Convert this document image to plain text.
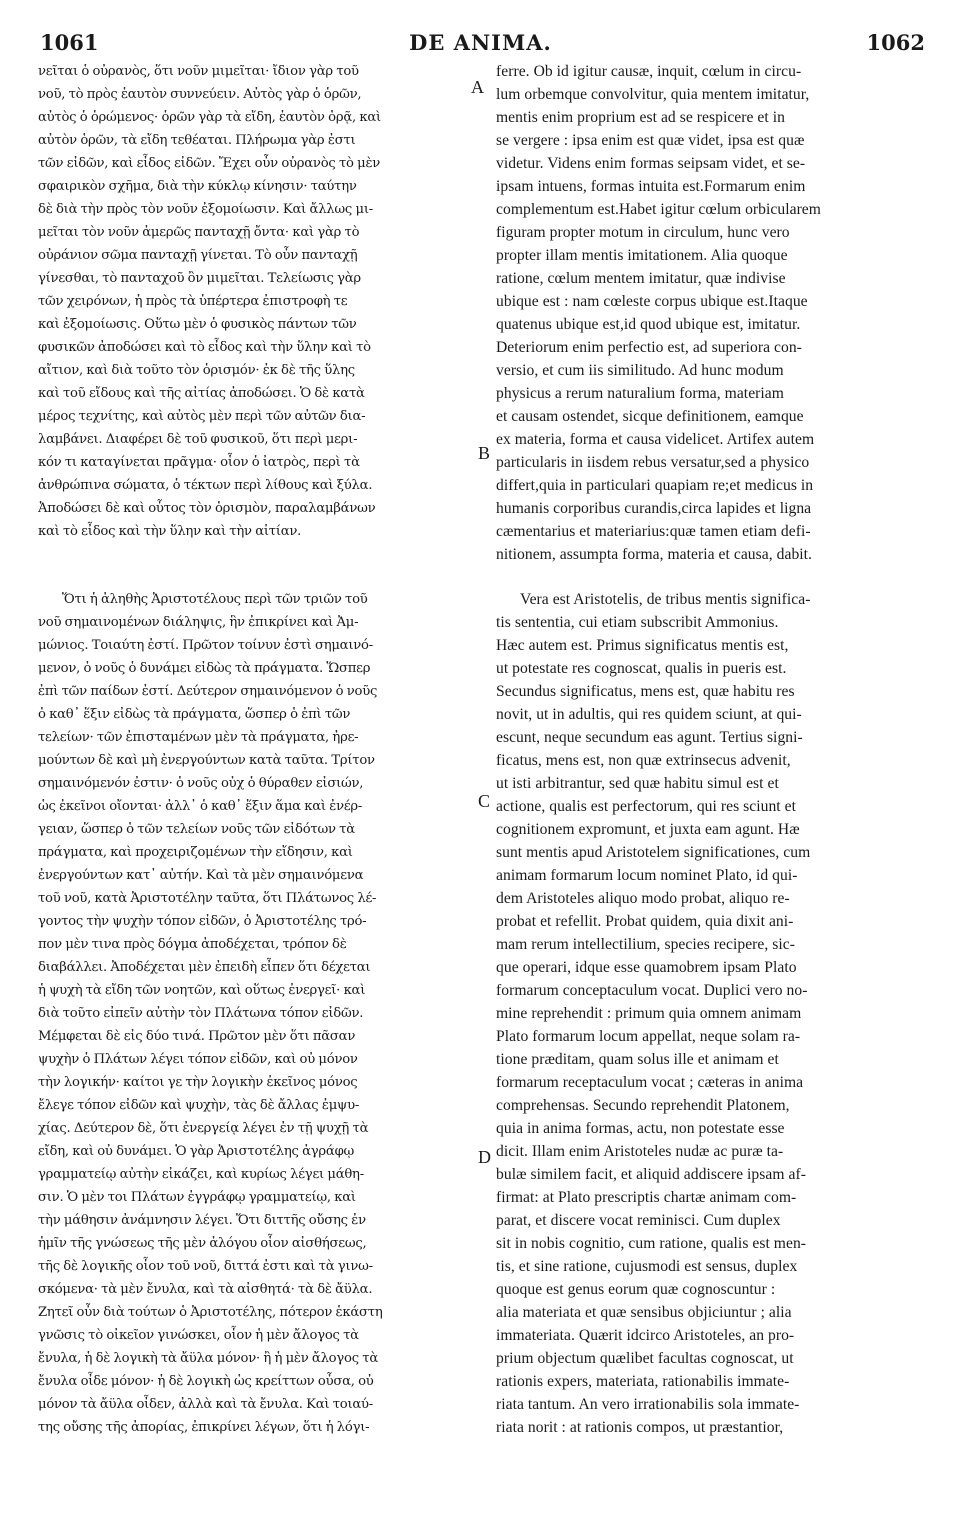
1061	DE ANIMA.	1062
νεῖται ὁ οὐρανὸς, ὅτι νοῦν μιμεῖται· ἴδιον γὰρ τοῦ
νοῦ, τὸ πρὸς ἑαυτὸν συννεύειν. Αὐτὸς γὰρ ὁ ὁρῶν,
αὐτὸς ὁ ὁρώμενος· ὁρῶν γὰρ τὰ εἴδη, ἑαυτὸν ὁρᾷ, καὶ
αὐτὸν ὁρῶν, τὰ εἴδη τεθέαται. Πλήρωμα γὰρ ἐστι
τῶν εἰδῶν, καὶ εἶδος εἰδῶν. Ἔχει οὖν οὐρανὸς τὸ μὲν
σφαιρικὸν σχῆμα, διὰ τὴν κύκλῳ κίνησιν· ταύτην
δὲ διὰ τὴν πρὸς τὸν νοῦν ἐξομοίωσιν. Καὶ ἄλλως μι-
μεῖται τὸν νοῦν ἀμερῶς πανταχῇ ὄντα· καὶ γὰρ τὸ
οὐράνιον σῶμα πανταχῇ γίνεται. Τὸ οὖν πανταχῇ
γίνεσθαι, τὸ πανταχοῦ ὂν μιμεῖται. Τελείωσις γὰρ
τῶν χειρόνων, ἡ πρὸς τὰ ὑπέρτερα ἐπιστροφὴ τε
καὶ ἐξομοίωσις. Οὕτω μὲν ὁ φυσικὸς πάντων τῶν
φυσικῶν ἀποδώσει καὶ τὸ εἶδος καὶ τὴν ὕλην καὶ τὸ
αἴτιον, καὶ διὰ τοῦτο τὸν ὁρισμόν· ἐκ δὲ τῆς ὕλης
καὶ τοῦ εἴδους καὶ τῆς αἰτίας ἀποδώσει. Ὁ δὲ κατὰ
μέρος τεχνίτης, καὶ αὐτὸς μὲν περὶ τῶν αὐτῶν δια-
λαμβάνει. Διαφέρει δὲ τοῦ φυσικοῦ, ὅτι περὶ μερι-
κόν τι καταγίνεται πρᾶγμα· οἷον ὁ ἰατρὸς, περὶ τὰ
ἀνθρώπινα σώματα, ὁ τέκτων περὶ λίθους καὶ ξύλα.
Ἀποδώσει δὲ καὶ οὗτος τὸν ὁρισμὸν, παραλαμβάνων
καὶ τὸ εἶδος καὶ τὴν ὕλην καὶ τὴν αἰτίαν.
Ὅτι ἡ ἀληθὴς Ἀριστοτέλους περὶ τῶν τριῶν τοῦ
νοῦ σημαινομένων διάληψις, ἣν ἐπικρίνει καὶ Ἀμ-
μώνιος. Τοιαύτη ἐστί. Πρῶτον τοίνυν ἐστὶ σημαινό-
μενον, ὁ νοῦς ὁ δυνάμει εἰδὼς τὰ πράγματα. Ὥσπερ
ἐπὶ τῶν παίδων ἐστί. Δεύτερον σημαινόμενον ὁ νοῦς
ὁ καθ᾽ ἕξιν εἰδὼς τὰ πράγματα, ὥσπερ ὁ ἐπὶ τῶν
τελείων· τῶν ἐπισταμένων μὲν τὰ πράγματα, ἠρε-
μούντων δὲ καὶ μὴ ἐνεργούντων κατὰ ταῦτα. Τρίτον
σημαινόμενόν ἐστιν· ὁ νοῦς οὐχ ὁ θύραθεν εἰσιών,
ὡς ἐκεῖνοι οἴονται· ἀλλ᾽ ὁ καθ᾽ ἕξιν ἅμα καὶ ἐνέρ-
γειαν, ὥσπερ ὁ τῶν τελείων νοῦς τῶν εἰδότων τὰ
πράγματα, καὶ προχειριζομένων τὴν εἴδησιν, καὶ
ἐνεργούντων κατ᾽ αὐτήν. Καὶ τὰ μὲν σημαινόμενα
τοῦ νοῦ, κατὰ Ἀριστοτέλην ταῦτα, ὅτι Πλάτωνος λέ-
γοντος τὴν ψυχὴν τόπον εἰδῶν, ὁ Ἀριστοτέλης τρό-
πον μὲν τινα πρὸς δόγμα ἀποδέχεται, τρόπον δὲ
διαβάλλει. Ἀποδέχεται μὲν ἐπειδὴ εἶπεν ὅτι δέχεται
ἡ ψυχὴ τὰ εἴδη τῶν νοητῶν, καὶ οὕτως ἐνεργεῖ· καὶ
διὰ τοῦτο εἰπεῖν αὐτὴν τὸν Πλάτωνα τόπον εἰδῶν.
Μέμφεται δὲ εἰς δύο τινά. Πρῶτον μὲν ὅτι πᾶσαν
ψυχὴν ὁ Πλάτων λέγει τόπον εἰδῶν, καὶ οὐ μόνον
τὴν λογικήν· καίτοι γε τὴν λογικὴν ἐκεῖνος μόνος
ἔλεγε τόπον εἰδῶν καὶ ψυχὴν, τὰς δὲ ἄλλας ἐμψυ-
χίας. Δεύτερον δὲ, ὅτι ἐνεργείᾳ λέγει ἐν τῇ ψυχῇ τὰ
εἴδη, καὶ οὐ δυνάμει. Ὁ γὰρ Ἀριστοτέλης ἀγράφῳ
γραμματείῳ αὐτὴν εἰκάζει, καὶ κυρίως λέγει μάθη-
σιν. Ὁ μὲν τοι Πλάτων ἐγγράφῳ γραμματείῳ, καὶ
τὴν μάθησιν ἀνάμνησιν λέγει. Ὅτι διττῆς οὔσης ἐν
ἡμῖν τῆς γνώσεως τῆς μὲν ἀλόγου οἷον αἰσθήσεως,
τῆς δὲ λογικῆς οἷον τοῦ νοῦ, διττά ἐστι καὶ τὰ γινω-
σκόμενα· τὰ μὲν ἔνυλα, καὶ τὰ αἰσθητά· τὰ δὲ ἄϋλα.
Ζητεῖ οὖν διὰ τούτων ὁ Ἀριστοτέλης, πότερον ἑκάστη
γνῶσις τὸ οἰκεῖον γινώσκει, οἷον ἡ μὲν ἄλογος τὰ
ἔνυλα, ἡ δὲ λογικὴ τὰ ἄϋλα μόνον· ἢ ἡ μὲν ἄλογος τὰ
ἔνυλα οἶδε μόνον· ἡ δὲ λογικὴ ὡς κρείττων οὖσα, οὐ
μόνον τὰ ἄϋλα οἶδεν, ἀλλὰ καὶ τὰ ἔνυλα. Καὶ τοιαύ-
της οὔσης τῆς ἀπορίας, ἐπικρίνει λέγων, ὅτι ἡ λόγι-
ferre. Ob id igitur causæ, inquit, cœlum in circu-
lum orbemque convolvitur, quia mentem imitatur,
mentis enim proprium est ad se respicere et in
se vergere : ipsa enim est quæ videt, ipsa est quæ
videtur. Videns enim formas seipsam videt, et se-
ipsam intuens, formas intuita est.Formarum enim
complementum est.Habet igitur cœlum orbicularem
figuram propter motum in circulum, hunc vero
propter illam mentis imitationem. Alia quoque
ratione, cœlum mentem imitatur, quæ indivise
ubique est : nam cœleste corpus ubique est.Itaque
quatenus ubique est,id quod ubique est, imitatur.
Deteriorum enim perfectio est, ad superiora con-
versio, et cum iis similitudo. Ad hunc modum
physicus a rerum naturalium forma, materiam
et causam ostendet, sicque definitionem, eamque
ex materia, forma et causa videlicet. Artifex autem
particularis in iisdem rebus versatur,sed a physico
differt,quia in particulari quapiam re;et medicus in
humanis corporibus curandis,circa lapides et ligna
cæmentarius et materiarius:quæ tamen etiam defi-
nitionem, assumpta forma, materia et causa, dabit.
Vera est Aristotelis, de tribus mentis significa-
tis sententia, cui etiam subscribit Ammonius.
Hæc autem est. Primus significatus mentis est,
ut potestate res cognoscat, qualis in pueris est.
Secundus significatus, mens est, quæ habitu res
novit, ut in adultis, qui res quidem sciunt, at qui-
escunt, neque secundum eas agunt. Tertius signi-
ficatus, mens est, non quæ extrinsecus advenit,
ut isti arbitrantur, sed quæ habitu simul est et
actione, qualis est perfectorum, qui res sciunt et
cognitionem expromunt, et juxta eam agunt. Hæ
sunt mentis apud Aristotelem significationes, cum
animam formarum locum nominet Plato, id qui-
dem Aristoteles aliquo modo probat, aliquo re-
probat et refellit. Probat quidem, quia dixit ani-
mam rerum intellectilium, species recipere, sic-
que operari, idque esse quamobrem ipsam Plato
formarum conceptaculum vocat. Duplici vero no-
mine reprehendit : primum quia omnem animam
Plato formarum locum appellat, neque solam ra-
tione præditam, quam solus ille et animam et
formarum receptaculum vocat ; cæteras in anima
comprehensas. Secundo reprehendit Platonem,
quia in anima formas, actu, non potestate esse
dicit. Illam enim Aristoteles nudæ ac puræ ta-
bulæ similem facit, et aliquid addiscere ipsam af-
firmat: at Plato prescriptis chartæ animam com-
parat, et discere vocat reminisci. Cum duplex
sit in nobis cognitio, cum ratione, qualis est men-
tis, et sine ratione, cujusmodi est sensus, duplex
quoque est genus eorum quæ cognoscuntur :
alia materiata et quæ sensibus objiciuntur ; alia
immateriata. Quærit idcirco Aristoteles, an pro-
prium objectum quælibet facultas cognoscat, ut
rationis expers, materiata, rationabilis immate-
riata tantum. An vero irrationabilis sola immate-
riata norit : at rationis compos, ut præstantior,
A
B
C
D
